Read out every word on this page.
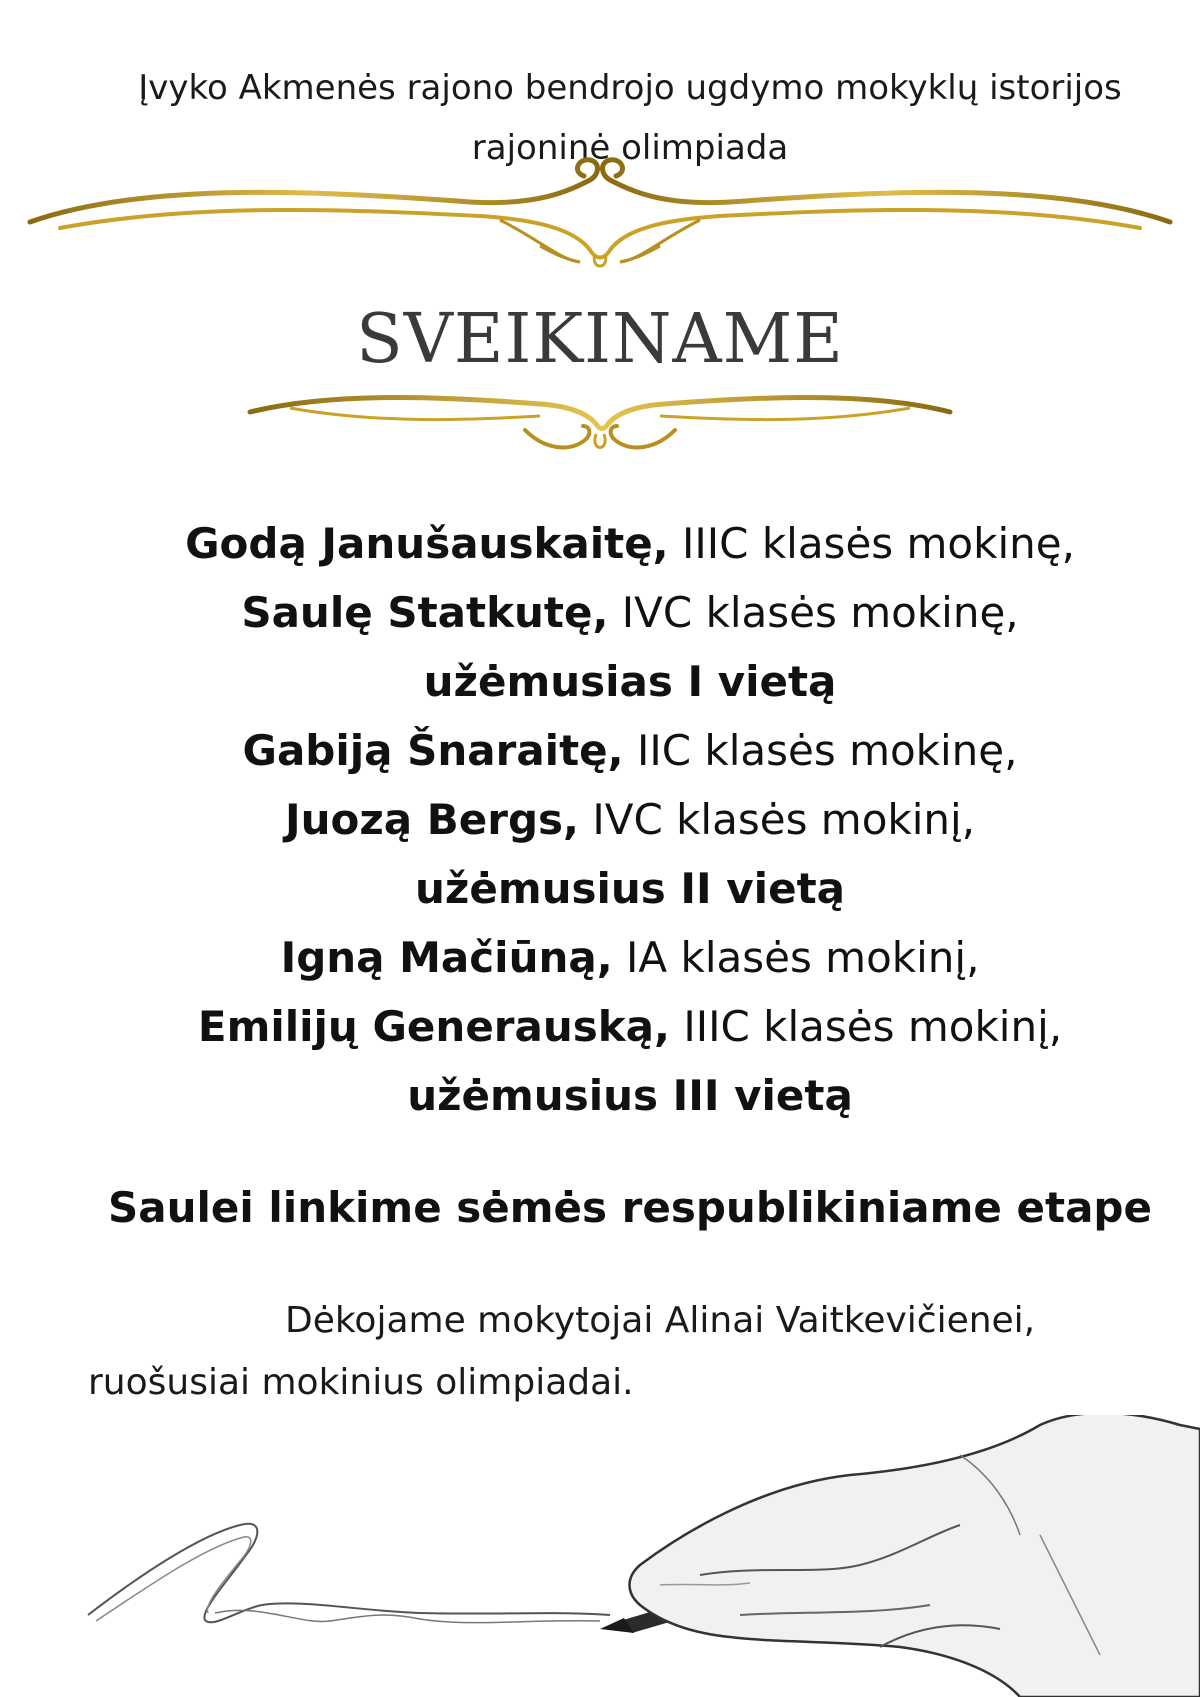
Įvyko Akmenės rajono bendrojo ugdymo mokyklų istorijos
rajoninė olimpiada
SVEIKINAME
Godą Janušauskaitę, IIIC klasės mokinę,
Saulę Statkutę, IVC klasės mokinę,
užėmusias I vietą
Gabiją Šnaraitę, IIC klasės mokinę,
Juozą Bergs, IVC klasės mokinį,
užėmusius II vietą
Igną Mačiūną, IA klasės mokinį,
Emilijų Generauską, IIIC klasės mokinį,
užėmusius III vietą
Saulei linkime sėmės respublikiniame etape
Dėkojame mokytojai Alinai Vaitkevičienei,
ruošusiai mokinius olimpiadai.
